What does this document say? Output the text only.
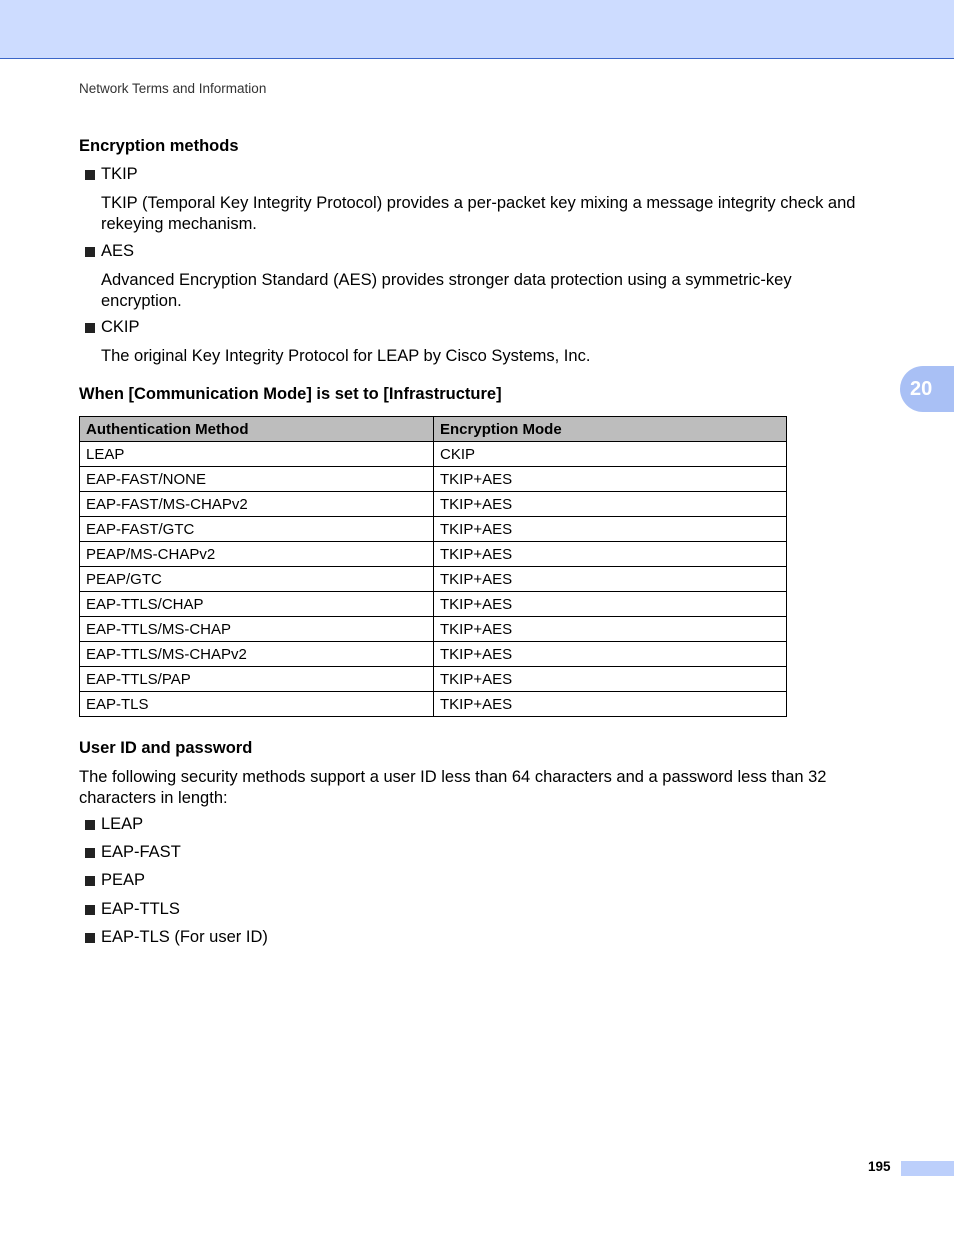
Network Terms and Information
20
Encryption methods
TKIP
TKIP (Temporal Key Integrity Protocol) provides a per-packet key mixing a message integrity check and rekeying mechanism.
AES
Advanced Encryption Standard (AES) provides stronger data protection using a symmetric-key encryption.
CKIP
The original Key Integrity Protocol for LEAP by Cisco Systems, Inc.
When [Communication Mode] is set to [Infrastructure]
Authentication Method	Encryption Mode
LEAP	CKIP
EAP-FAST/NONE	TKIP+AES
EAP-FAST/MS-CHAPv2	TKIP+AES
EAP-FAST/GTC	TKIP+AES
PEAP/MS-CHAPv2	TKIP+AES
PEAP/GTC	TKIP+AES
EAP-TTLS/CHAP	TKIP+AES
EAP-TTLS/MS-CHAP	TKIP+AES
EAP-TTLS/MS-CHAPv2	TKIP+AES
EAP-TTLS/PAP	TKIP+AES
EAP-TLS	TKIP+AES
User ID and password
The following security methods support a user ID less than 64 characters and a password less than 32 characters in length:
LEAP
EAP-FAST
PEAP
EAP-TTLS
EAP-TLS (For user ID)
195
